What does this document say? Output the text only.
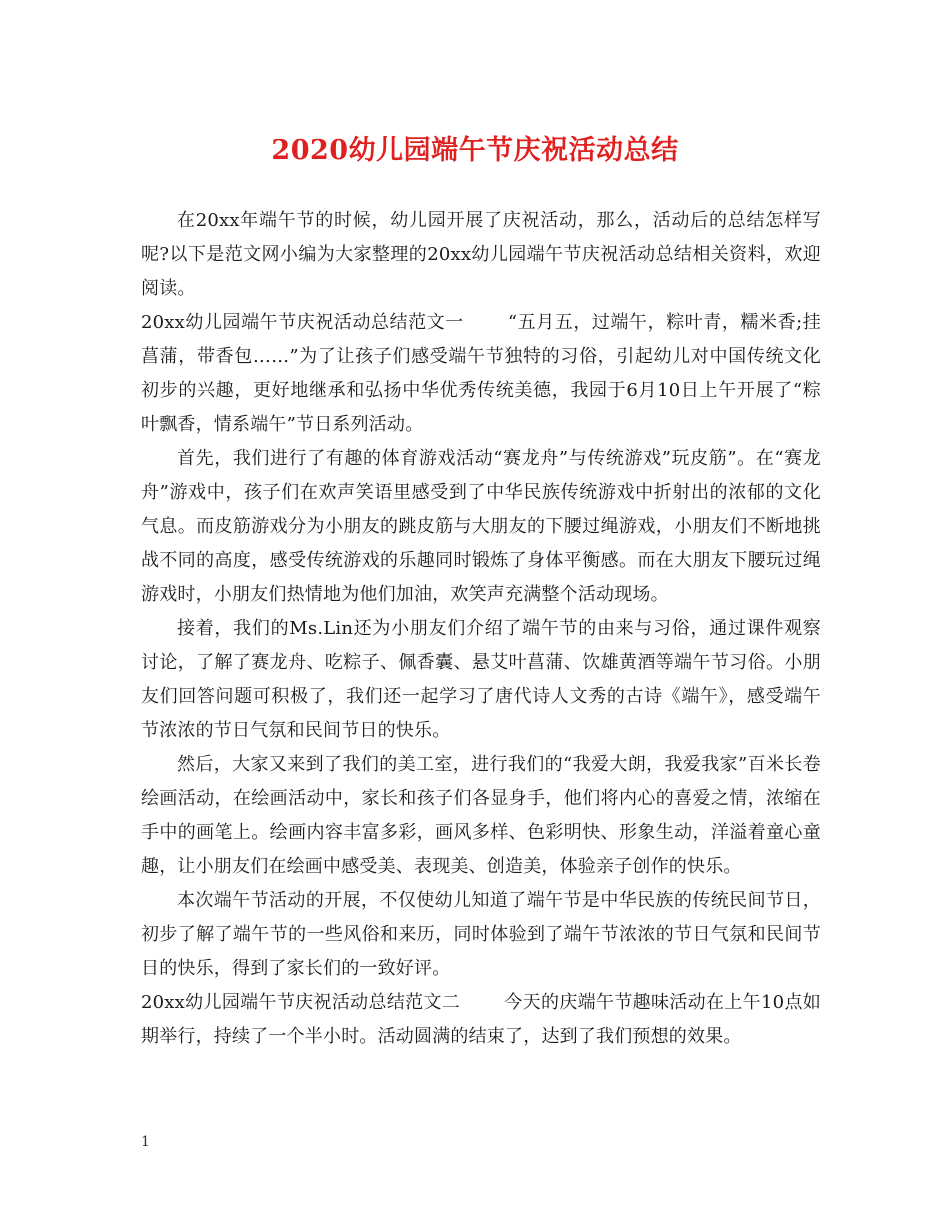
2020幼儿园端午节庆祝活动总结

在20xx年端午节的时候，幼儿园开展了庆祝活动，那么，活动后的总结怎样写呢?以下是范文网小编为大家整理的20xx幼儿园端午节庆祝活动总结相关资料，欢迎阅读。

20xx幼儿园端午节庆祝活动总结范文一 “五月五，过端午，粽叶青，糯米香;挂菖蒲，带香包……”为了让孩子们感受端午节独特的习俗，引起幼儿对中国传统文化初步的兴趣，更好地继承和弘扬中华优秀传统美德，我园于6月10日上午开展了“粽叶飘香，情系端午”节日系列活动。

首先，我们进行了有趣的体育游戏活动“赛龙舟”与传统游戏”玩皮筋”。在“赛龙舟”游戏中，孩子们在欢声笑语里感受到了中华民族传统游戏中折射出的浓郁的文化气息。而皮筋游戏分为小朋友的跳皮筋与大朋友的下腰过绳游戏，小朋友们不断地挑战不同的高度，感受传统游戏的乐趣同时锻炼了身体平衡感。而在大朋友下腰玩过绳游戏时，小朋友们热情地为他们加油，欢笑声充满整个活动现场。

接着，我们的Ms.Lin还为小朋友们介绍了端午节的由来与习俗，通过课件观察讨论，了解了赛龙舟、吃粽子、佩香囊、悬艾叶菖蒲、饮雄黄酒等端午节习俗。小朋友们回答问题可积极了，我们还一起学习了唐代诗人文秀的古诗《端午》，感受端午节浓浓的节日气氛和民间节日的快乐。

然后，大家又来到了我们的美工室，进行我们的“我爱大朗，我爱我家”百米长卷绘画活动，在绘画活动中，家长和孩子们各显身手，他们将内心的喜爱之情，浓缩在手中的画笔上。绘画内容丰富多彩，画风多样、色彩明快、形象生动，洋溢着童心童趣，让小朋友们在绘画中感受美、表现美、创造美，体验亲子创作的快乐。

本次端午节活动的开展，不仅使幼儿知道了端午节是中华民族的传统民间节日，初步了解了端午节的一些风俗和来历，同时体验到了端午节浓浓的节日气氛和民间节日的快乐，得到了家长们的一致好评。

20xx幼儿园端午节庆祝活动总结范文二 今天的庆端午节趣味活动在上午10点如期举行，持续了一个半小时。活动圆满的结束了，达到了我们预想的效果。

1
